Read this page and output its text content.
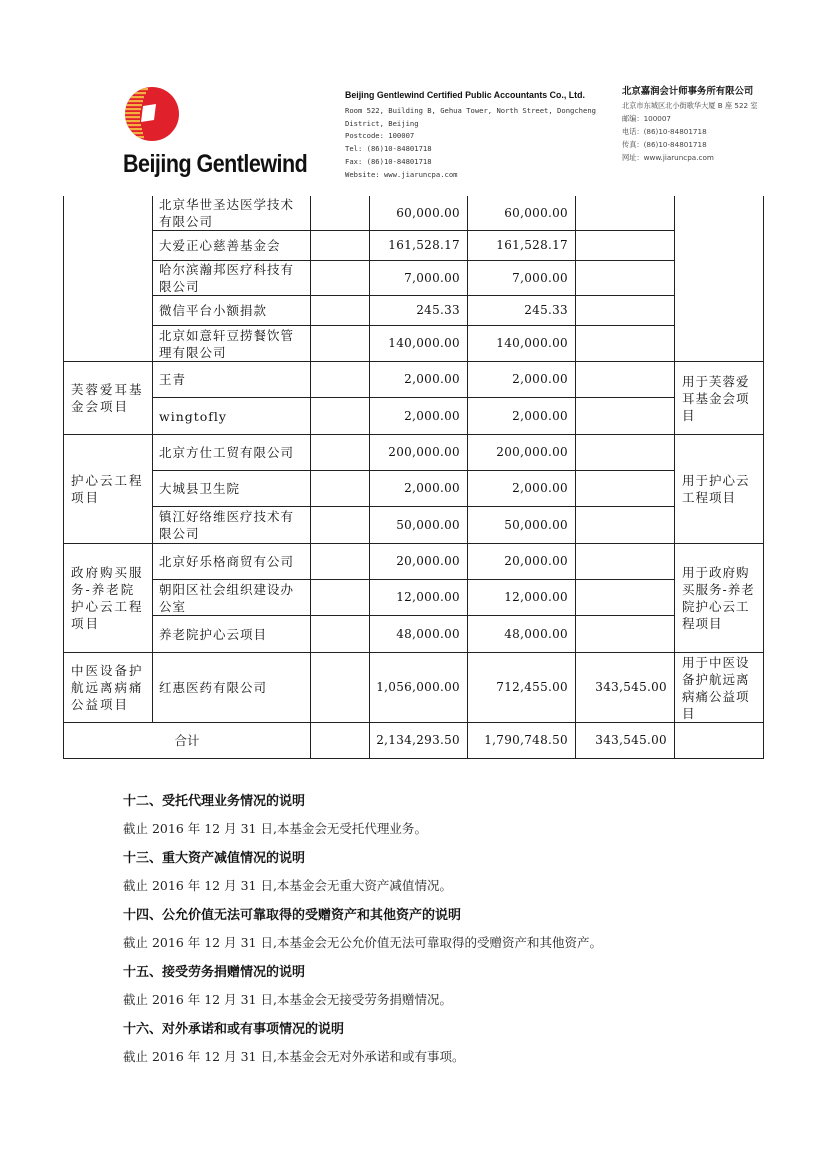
Beijing Gentlewind
Beijing Gentlewind Certified Public Accountants Co., Ltd.
Room 522, Building B, Gehua Tower, North Street, Dongcheng
District, Beijing
Postcode: 100007
Tel: (86)10-84801718
Fax: (86)10-84801718
Website: www.jiaruncpa.com
北京嘉润会计师事务所有限公司
北京市东城区北小街歌华大厦 B 座 522 室
邮编：100007
电话：(86)10-84801718
传真：(86)10-84801718
网址：www.jiaruncpa.com
	北京华世圣达医学技术有限公司		60,000.00	60,000.00		
	大爱正心慈善基金会		161,528.17	161,528.17		
	哈尔滨瀚邦医疗科技有限公司		7,000.00	7,000.00		
	微信平台小额捐款		245.33	245.33		
	北京如意轩豆捞餐饮管理有限公司		140,000.00	140,000.00		
芙蓉爱耳基金会项目	王青		2,000.00	2,000.00		用于芙蓉爱耳基金会项目
	wingtofly		2,000.00	2,000.00		
护心云工程项目	北京方仕工贸有限公司		200,000.00	200,000.00		用于护心云工程项目
	大城县卫生院		2,000.00	2,000.00		
	镇江好络维医疗技术有限公司		50,000.00	50,000.00		
政府购买服务-养老院护心云工程项目	北京好乐格商贸有公司		20,000.00	20,000.00		用于政府购买服务-养老院护心云工程项目
	朝阳区社会组织建设办公室		12,000.00	12,000.00		
	养老院护心云项目		48,000.00	48,000.00		
中医设备护航远离病痛公益项目	红惠医药有限公司		1,056,000.00	712,455.00	343,545.00	用于中医设备护航远离病痛公益项目
合计			2,134,293.50	1,790,748.50	343,545.00	
十二、受托代理业务情况的说明
截止 2016 年 12 月 31 日,本基金会无受托代理业务。
十三、重大资产减值情况的说明
截止 2016 年 12 月 31 日,本基金会无重大资产减值情况。
十四、公允价值无法可靠取得的受赠资产和其他资产的说明
截止 2016 年 12 月 31 日,本基金会无公允价值无法可靠取得的受赠资产和其他资产。
十五、接受劳务捐赠情况的说明
截止 2016 年 12 月 31 日,本基金会无接受劳务捐赠情况。
十六、对外承诺和或有事项情况的说明
截止 2016 年 12 月 31 日,本基金会无对外承诺和或有事项。
